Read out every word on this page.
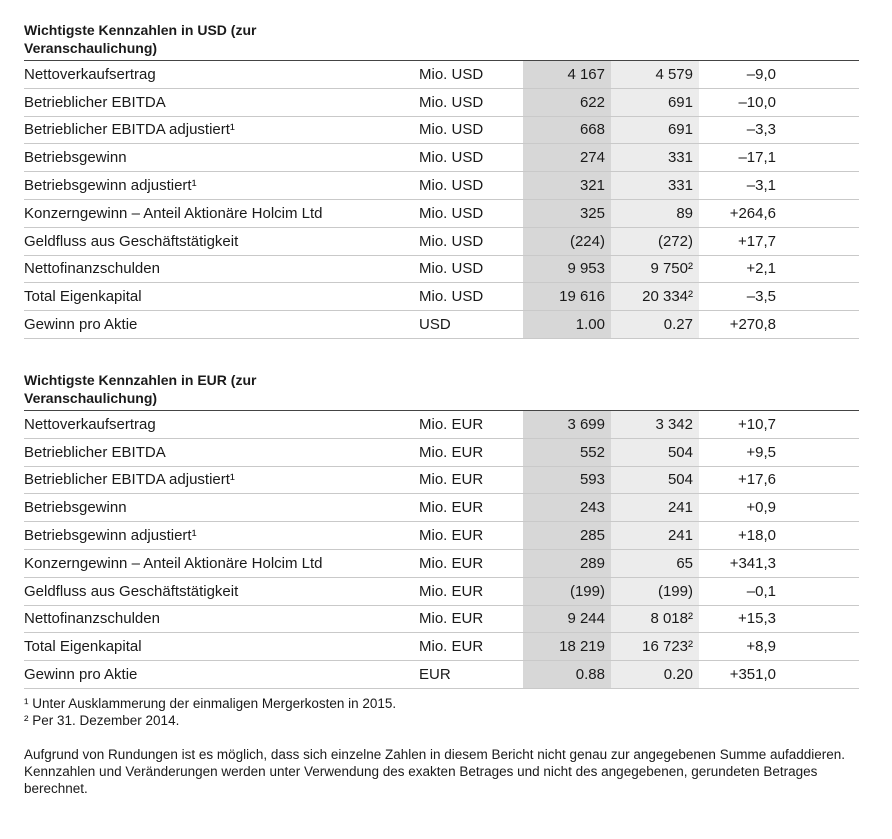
Wichtigste Kennzahlen in USD (zur Veranschaulichung)
Nettoverkaufsertrag	Mio. USD	4 167	4 579	–9,0	
Betrieblicher EBITDA	Mio. USD	622	691	–10,0	
Betrieblicher EBITDA adjustiert¹	Mio. USD	668	691	–3,3	
Betriebsgewinn	Mio. USD	274	331	–17,1	
Betriebsgewinn adjustiert¹	Mio. USD	321	331	–3,1	
Konzerngewinn – Anteil Aktionäre Holcim Ltd	Mio. USD	325	89	+264,6	
Geldfluss aus Geschäftstätigkeit	Mio. USD	(224)	(272)	+17,7	
Nettofinanzschulden	Mio. USD	9 953	9 750²	+2,1	
Total Eigenkapital	Mio. USD	19 616	20 334²	–3,5	
Gewinn pro Aktie	USD	1.00	0.27	+270,8	
Wichtigste Kennzahlen in EUR (zur Veranschaulichung)
Nettoverkaufsertrag	Mio. EUR	3 699	3 342	+10,7	
Betrieblicher EBITDA	Mio. EUR	552	504	+9,5	
Betrieblicher EBITDA adjustiert¹	Mio. EUR	593	504	+17,6	
Betriebsgewinn	Mio. EUR	243	241	+0,9	
Betriebsgewinn adjustiert¹	Mio. EUR	285	241	+18,0	
Konzerngewinn – Anteil Aktionäre Holcim Ltd	Mio. EUR	289	65	+341,3	
Geldfluss aus Geschäftstätigkeit	Mio. EUR	(199)	(199)	–0,1	
Nettofinanzschulden	Mio. EUR	9 244	8 018²	+15,3	
Total Eigenkapital	Mio. EUR	18 219	16 723²	+8,9	
Gewinn pro Aktie	EUR	0.88	0.20	+351,0	
¹ Unter Ausklammerung der einmaligen Mergerkosten in 2015.
² Per 31. Dezember 2014.
Aufgrund von Rundungen ist es möglich, dass sich einzelne Zahlen in diesem Bericht nicht genau zur angegebenen Summe aufaddieren. Kennzahlen und Veränderungen werden unter Verwendung des exakten Betrages und nicht des angegebenen, gerundeten Betrages berechnet.
